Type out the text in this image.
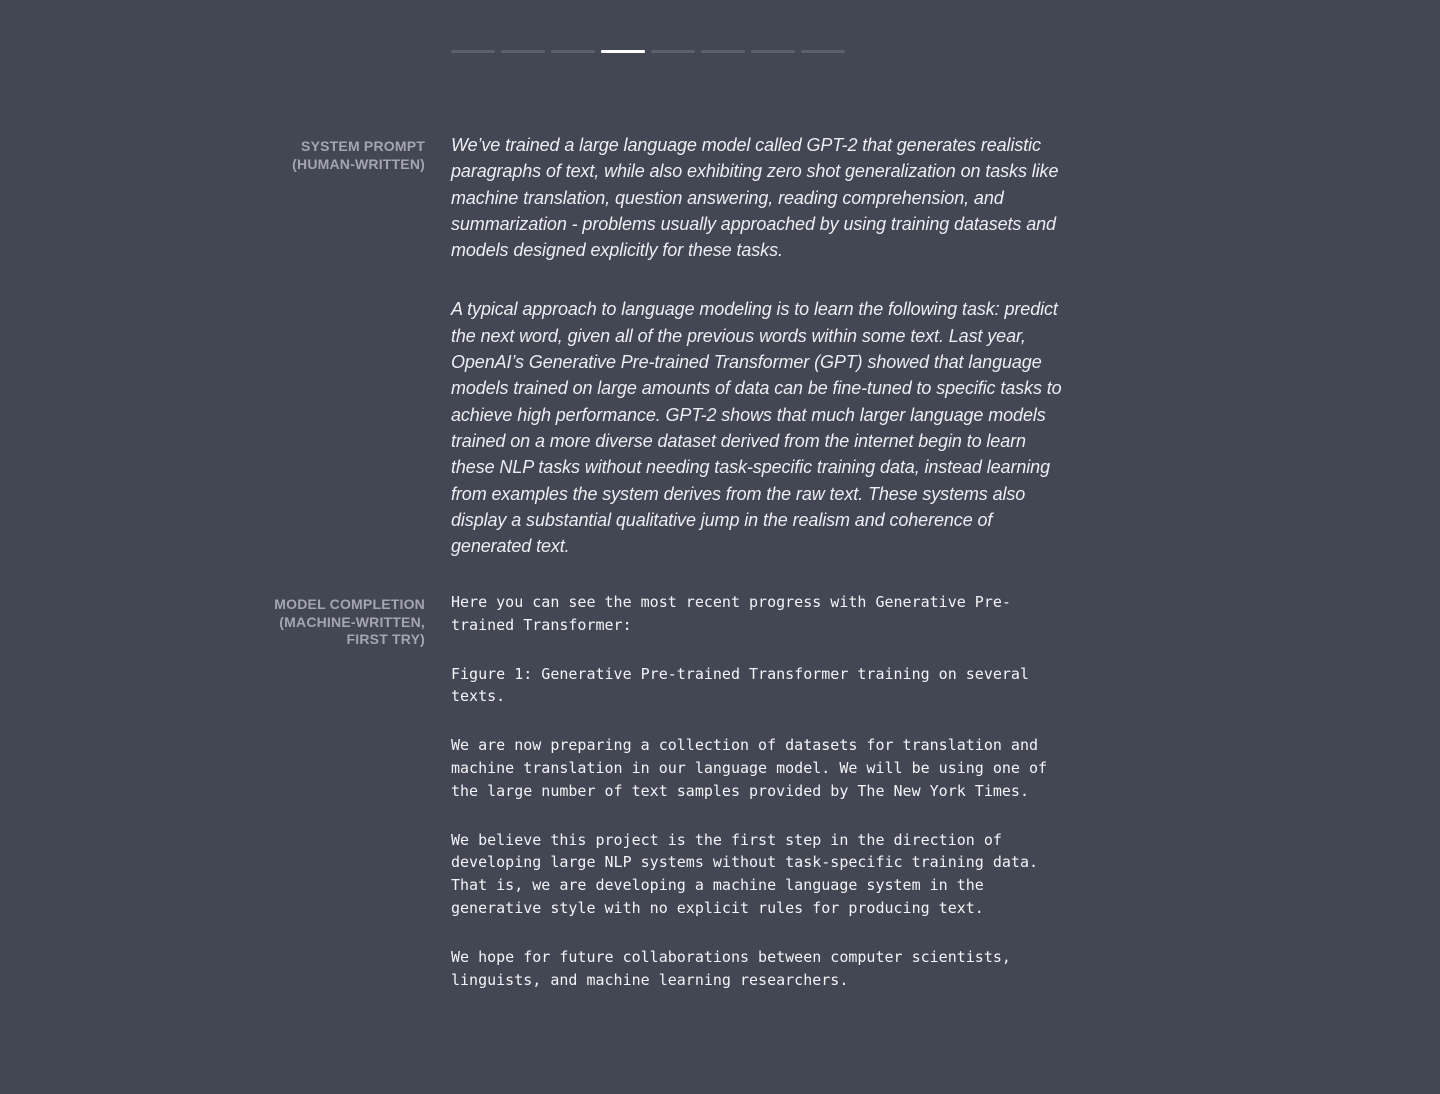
SYSTEM PROMPT
(HUMAN-WRITTEN)

We’ve trained a large language model called GPT-2 that generates realistic paragraphs of text, while also exhibiting zero shot generalization on tasks like machine translation, question answering, reading comprehension, and summarization - problems usually approached by using training datasets and models designed explicitly for these tasks.

A typical approach to language modeling is to learn the following task: predict the next word, given all of the previous words within some text. Last year, OpenAI’s Generative Pre-trained Transformer (GPT) showed that language models trained on large amounts of data can be fine-tuned to specific tasks to achieve high performance. GPT-2 shows that much larger language models trained on a more diverse dataset derived from the internet begin to learn these NLP tasks without needing task-specific training data, instead learning from examples the system derives from the raw text. These systems also display a substantial qualitative jump in the realism and coherence of generated text.

MODEL COMPLETION
(MACHINE-WRITTEN,
FIRST TRY)

Here you can see the most recent progress with Generative Pre-trained Transformer:

Figure 1: Generative Pre-trained Transformer training on several texts.

We are now preparing a collection of datasets for translation and machine translation in our language model. We will be using one of the large number of text samples provided by The New York Times.

We believe this project is the first step in the direction of developing large NLP systems without task-specific training data. That is, we are developing a machine language system in the generative style with no explicit rules for producing text.

We hope for future collaborations between computer scientists, linguists, and machine learning researchers.
